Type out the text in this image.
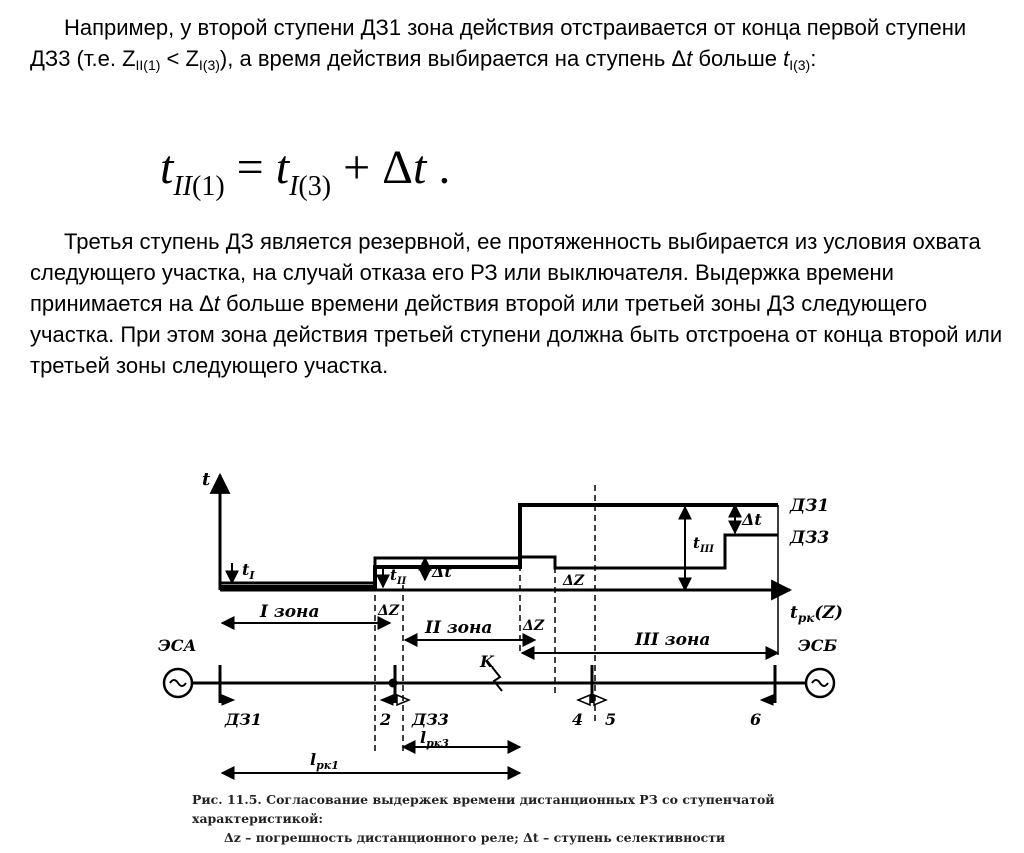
Например, у второй ступени ДЗ1 зона действия отстраивается от конца первой ступени ДЗ3 (т.е. $Z_{II(1)} < Z_{I(3)}$), а время действия выбирается на ступень Δt больше $t_{I(3)}$:

$t_{II(1)} = t_{I(3)} + \Delta t$ .

Третья ступень ДЗ является резервной, ее протяженность выбирается из условия охвата следующего участка, на случай отказа его РЗ или выключателя. Выдержка времени принимается на Δt больше времени действия второй или третьей зоны ДЗ следующего участка. При этом зона действия третьей ступени должна быть отстроена от конца второй или третьей зоны следующего участка.

t
$t_{рк}(Z)$
$t_I$	$t_{II}$
Δt
$t_{III}$
Δt
ДЗ1
ДЗ3
I зона	ΔZ
II зона ΔZ
III зона
ΔZ
ЭСА	ЭСБ
K
ДЗ1	2 ДЗ3	4 5	6
$l_{рк3}$
$l_{рк1}$
Рис. 11.5. Согласование выдержек времени дистанционных РЗ со ступенчатой
характеристикой:
Δz – погрешность дистанционного реле; Δt – ступень селективности
